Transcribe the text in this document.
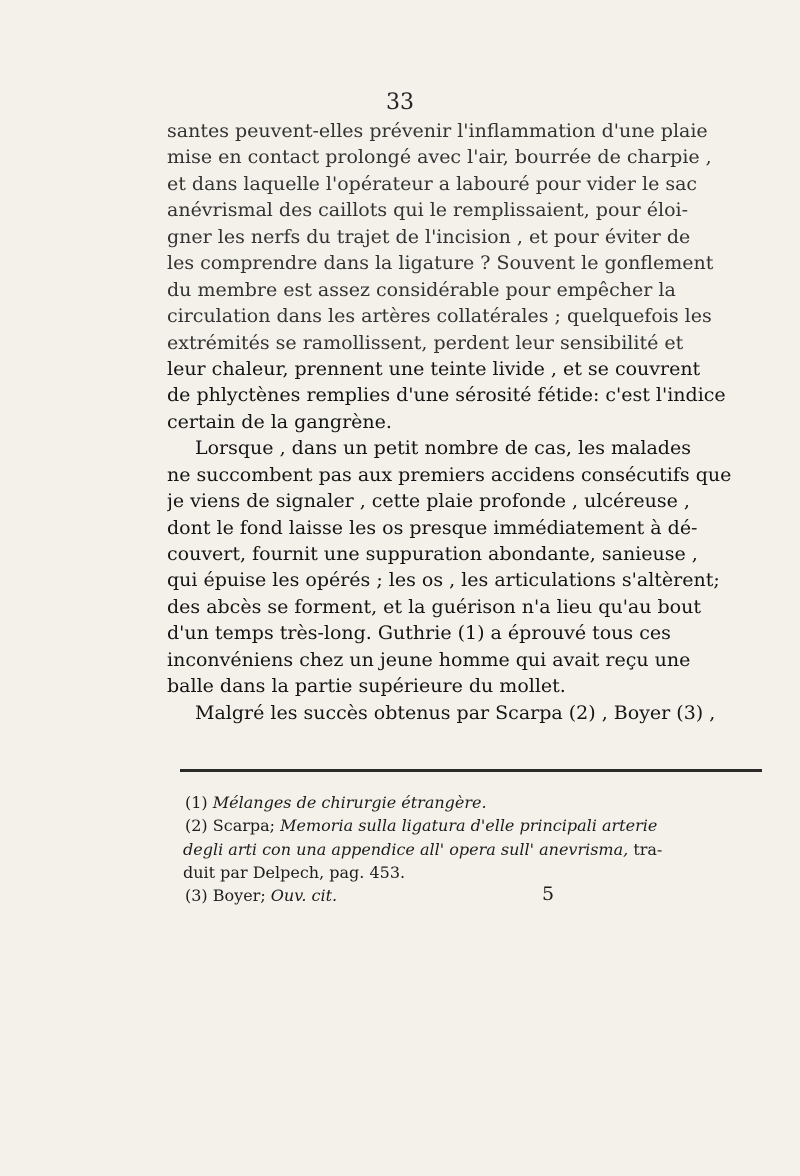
33
santes peuvent-elles prévenir l'inflammation d'une plaie
mise en contact prolongé avec l'air, bourrée de charpie ,
et dans laquelle l'opérateur a labouré pour vider le sac
anévrismal des caillots qui le remplissaient, pour éloi-
gner les nerfs du trajet de l'incision , et pour éviter de
les comprendre dans la ligature ? Souvent le gonflement
du membre est assez considérable pour empêcher la
circulation dans les artères collatérales ; quelquefois les
extrémités se ramollissent, perdent leur sensibilité et
leur chaleur, prennent une teinte livide , et se couvrent
de phlyctènes remplies d'une sérosité fétide: c'est l'indice
certain de la gangrène.
Lorsque , dans un petit nombre de cas, les malades
ne succombent pas aux premiers accidens consécutifs que
je viens de signaler , cette plaie profonde , ulcéreuse ,
dont le fond laisse les os presque immédiatement à dé-
couvert, fournit une suppuration abondante, sanieuse ,
qui épuise les opérés ; les os , les articulations s'altèrent;
des abcès se forment, et la guérison n'a lieu qu'au bout
d'un temps très-long. Guthrie (1) a éprouvé tous ces
inconvéniens chez un jeune homme qui avait reçu une
balle dans la partie supérieure du mollet.
Malgré les succès obtenus par Scarpa (2) , Boyer (3) ,
(1) Mélanges de chirurgie étrangère.
(2) Scarpa; Memoria sulla ligatura d'elle principali arterie
degli arti con una appendice all' opera sull' anevrisma, tra-
duit par Delpech, pag. 453.
(3) Boyer; Ouv. cit.	5
